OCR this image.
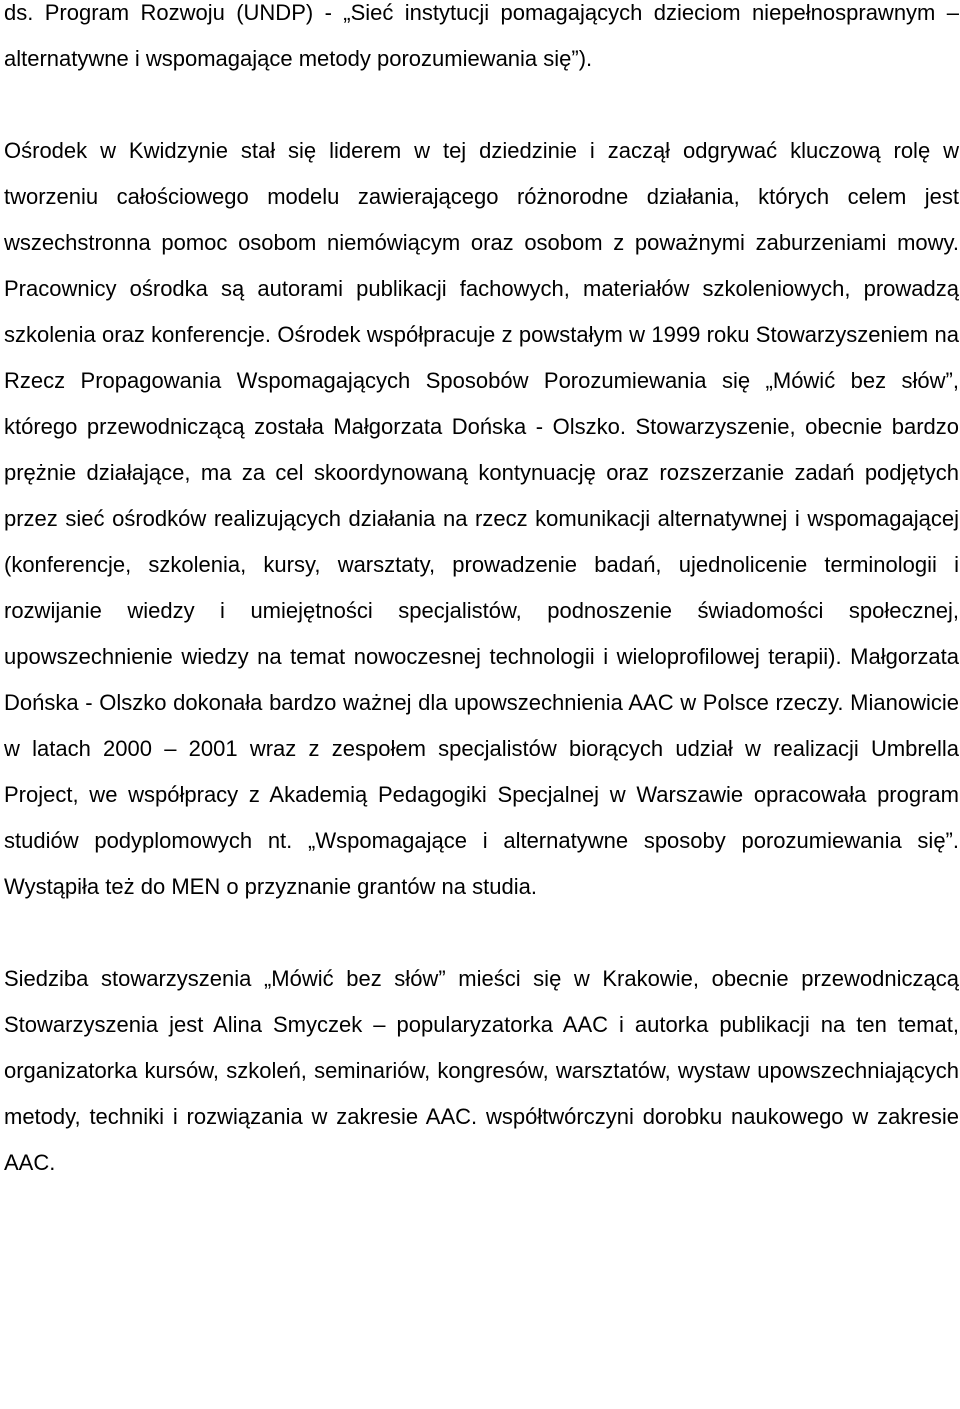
ds. Program Rozwoju (UNDP) - „Sieć instytucji pomagających dzieciom niepełnosprawnym – alternatywne i wspomagające metody porozumiewania się”).

Ośrodek w Kwidzynie stał się liderem w tej dziedzinie i zaczął odgrywać kluczową rolę w tworzeniu całościowego modelu zawierającego różnorodne działania, których celem jest wszechstronna pomoc osobom niemówiącym oraz osobom z poważnymi zaburzeniami mowy. Pracownicy ośrodka są autorami publikacji fachowych, materiałów szkoleniowych, prowadzą szkolenia oraz konferencje. Ośrodek współpracuje z powstałym w 1999 roku Stowarzyszeniem na Rzecz Propagowania Wspomagających Sposobów Porozumiewania się „Mówić bez słów”, którego przewodniczącą została Małgorzata Dońska - Olszko. Stowarzyszenie, obecnie bardzo prężnie działające, ma za cel skoordynowaną kontynuację oraz rozszerzanie zadań podjętych przez sieć ośrodków realizujących działania na rzecz komunikacji alternatywnej i wspomagającej (konferencje, szkolenia, kursy, warsztaty, prowadzenie badań, ujednolicenie terminologii i rozwijanie wiedzy i umiejętności specjalistów, podnoszenie świadomości społecznej, upowszechnienie wiedzy na temat nowoczesnej technologii i wieloprofilowej terapii). Małgorzata Dońska - Olszko dokonała bardzo ważnej dla upowszechnienia AAC w Polsce rzeczy. Mianowicie w latach 2000 – 2001 wraz z zespołem specjalistów biorących udział w realizacji Umbrella Project, we współpracy z Akademią Pedagogiki Specjalnej w Warszawie opracowała program studiów podyplomowych nt. „Wspomagające i alternatywne sposoby porozumiewania się”. Wystąpiła też do MEN o przyznanie grantów na studia.

Siedziba stowarzyszenia „Mówić bez słów” mieści się w Krakowie, obecnie przewodniczącą Stowarzyszenia jest Alina Smyczek – popularyzatorka AAC i autorka publikacji na ten temat, organizatorka kursów, szkoleń, seminariów, kongresów, warsztatów, wystaw upowszechniających metody, techniki i rozwiązania w zakresie AAC. współtwórczyni dorobku naukowego w zakresie AAC.
